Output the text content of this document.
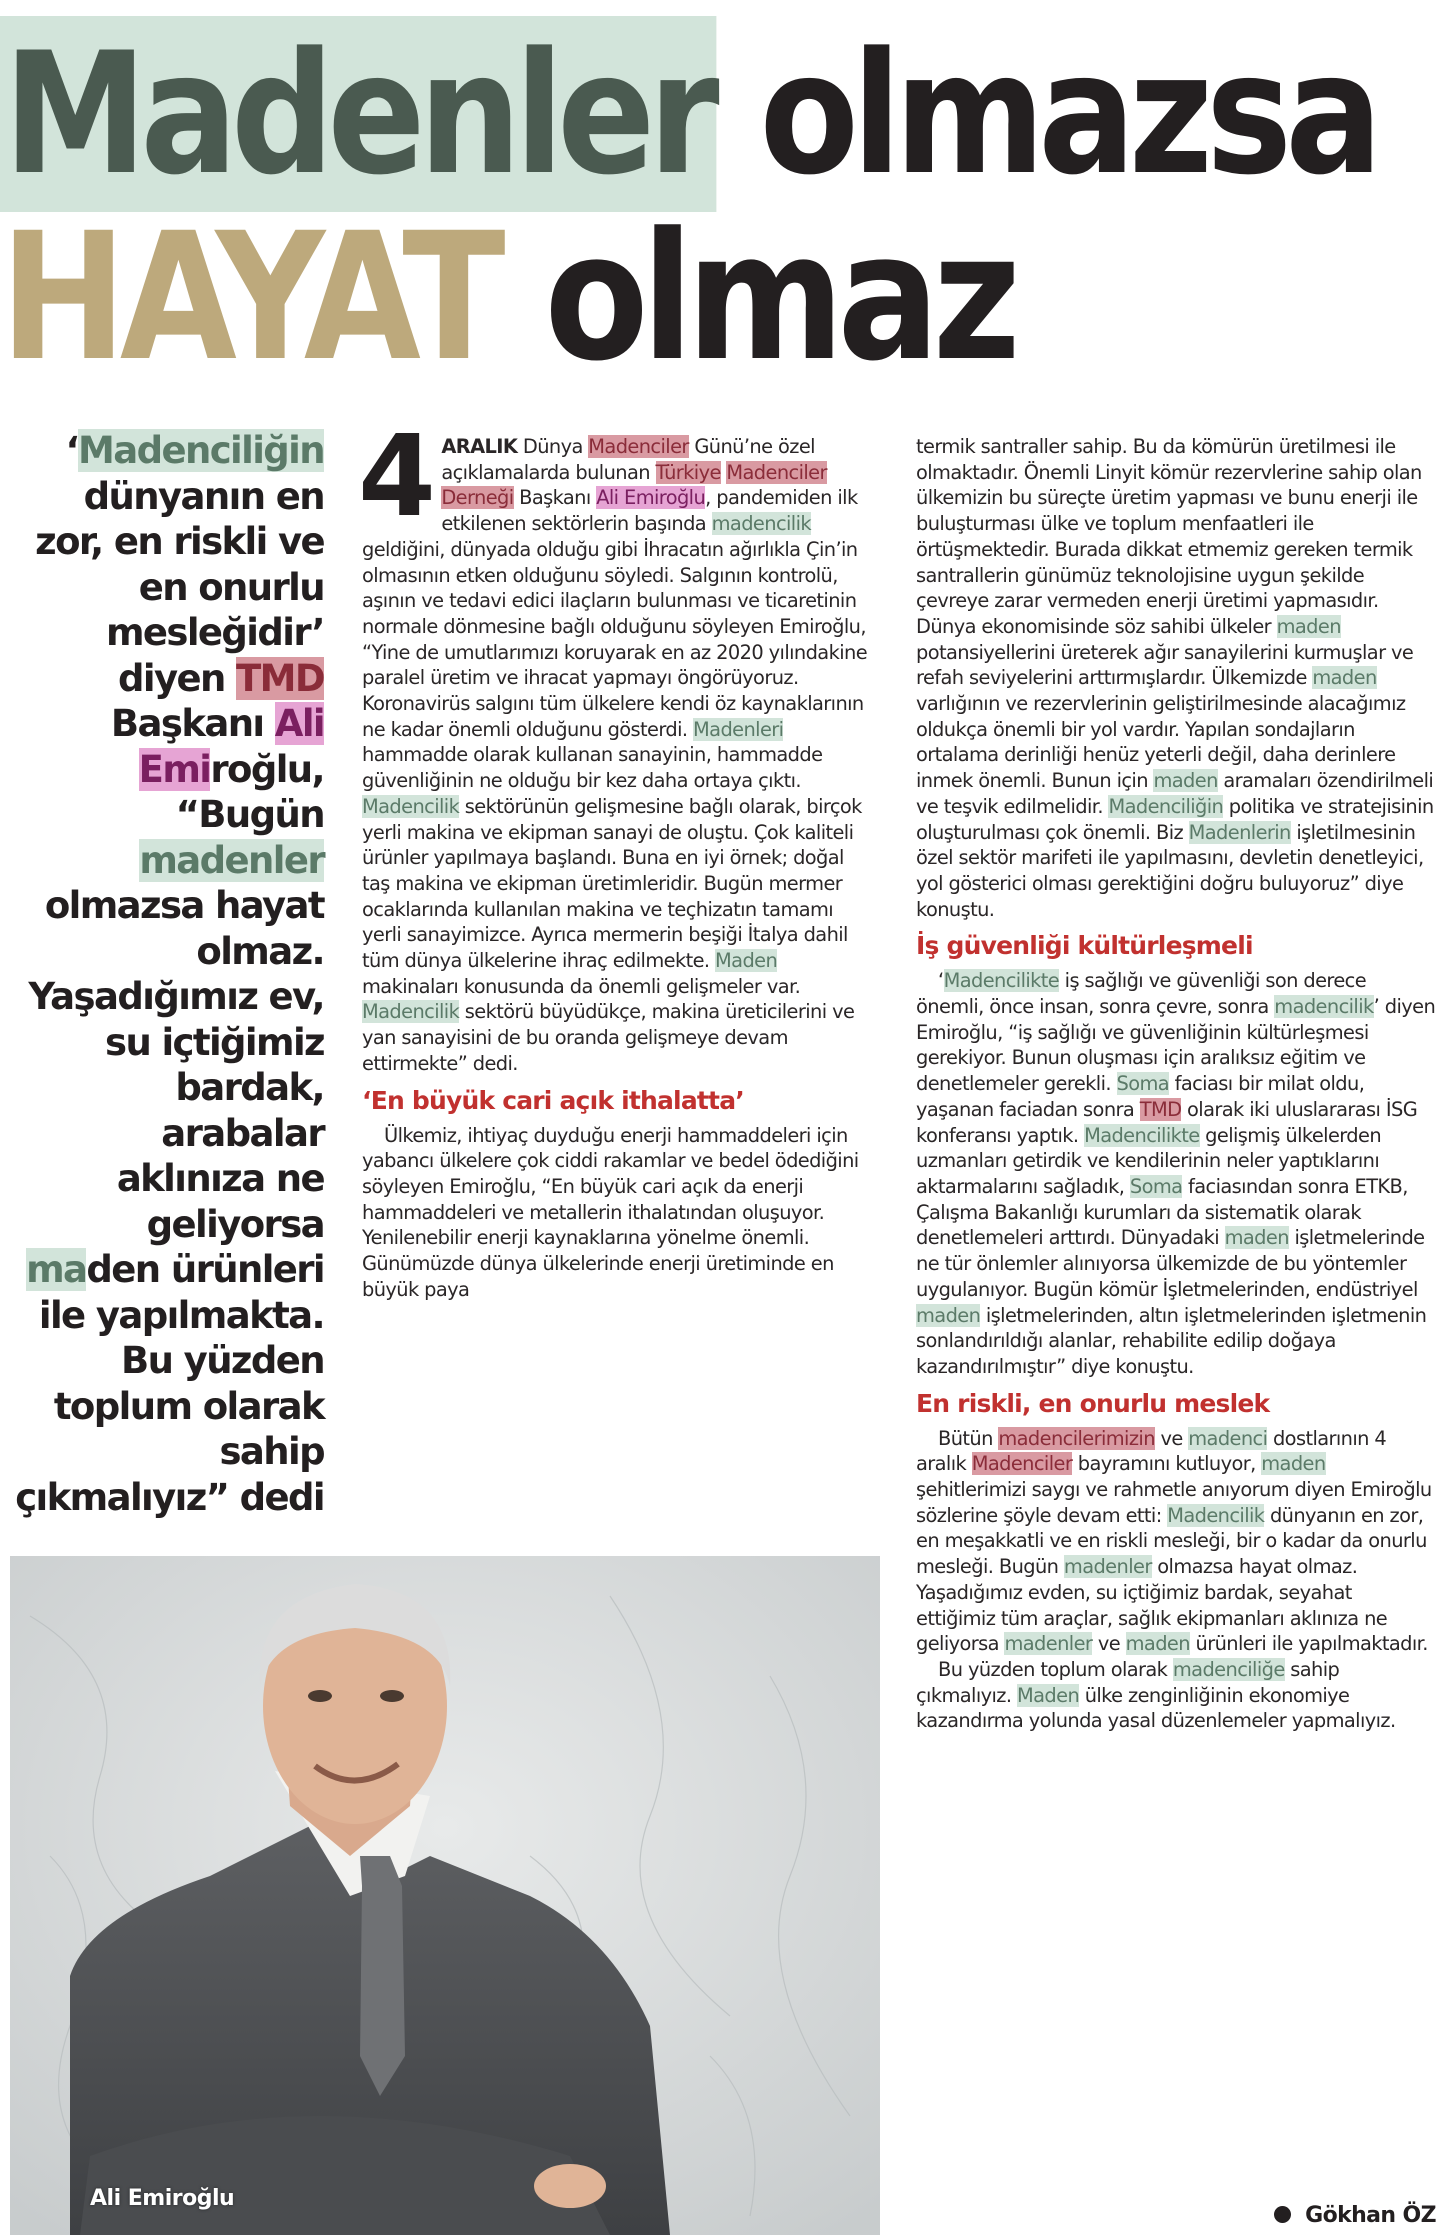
Madenler olmazsa
HAYAT olmaz
‘Madenciliğin dünyanın en zor, en riskli ve en onurlu mesleğidir’ diyen TMD Başkanı Ali Emiroğlu, “Bugün madenler olmazsa hayat olmaz. Yaşadığımız ev, su içtiğimiz bardak, arabalar aklınıza ne geliyorsa maden ürünleri ile yapılmakta. Bu yüzden toplum olarak sahip çıkmalıyız” dedi

4 ARALIK Dünya Madenciler Günü’ne özel açıklamalarda bulunan Türkiye Madenciler Derneği Başkanı Ali Emiroğlu, pandemiden ilk etkilenen sektörlerin başında madencilik geldiğini, dünyada olduğu gibi İhracatın ağırlıkla Çin’in olmasının etken olduğunu söyledi. Salgının kontrolü, aşının ve tedavi edici ilaçların bulunması ve ticaretinin normale dönmesine bağlı olduğunu söyleyen Emiroğlu, “Yine de umutlarımızı koruyarak en az 2020 yılındakine paralel üretim ve ihracat yapmayı öngörüyoruz. Koronavirüs salgını tüm ülkelere kendi öz kaynaklarının ne kadar önemli olduğunu gösterdi. Madenleri hammadde olarak kullanan sanayinin, hammadde güvenliğinin ne olduğu bir kez daha ortaya çıktı. Madencilik sektörünün gelişmesine bağlı olarak, birçok yerli makina ve ekipman sanayi de oluştu. Çok kaliteli ürünler yapılmaya başlandı. Buna en iyi örnek; doğal taş makina ve ekipman üretimleridir. Bugün mermer ocaklarında kullanılan makina ve teçhizatın tamamı yerli sanayimizce. Ayrıca mermerin beşiği İtalya dahil tüm dünya ülkelerine ihraç edilmekte. Maden makinaları konusunda da önemli gelişmeler var. Madencilik sektörü büyüdükçe, makina üreticilerini ve yan sanayisini de bu oranda gelişmeye devam ettirmekte” dedi.

‘En büyük cari açık ithalatta’

Ülkemiz, ihtiyaç duyduğu enerji hammaddeleri için yabancı ülkelere çok ciddi rakamlar ve bedel ödediğini söyleyen Emiroğlu, “En büyük cari açık da enerji hammaddeleri ve metallerin ithalatından oluşuyor. Yenilenebilir enerji kaynaklarına yönelme önemli. Günümüzde dünya ülkelerinde enerji üretiminde en büyük paya

termik santraller sahip. Bu da kömürün üretilmesi ile olmaktadır. Önemli Linyit kömür rezervlerine sahip olan ülkemizin bu süreçte üretim yapması ve bunu enerji ile buluşturması ülke ve toplum menfaatleri ile örtüşmektedir. Burada dikkat etmemiz gereken termik santrallerin günümüz teknolojisine uygun şekilde çevreye zarar vermeden enerji üretimi yapmasıdır. Dünya ekonomisinde söz sahibi ülkeler maden potansiyellerini üreterek ağır sanayilerini kurmuşlar ve refah seviyelerini arttırmışlardır. Ülkemizde maden varlığının ve rezervlerinin geliştirilmesinde alacağımız oldukça önemli bir yol vardır. Yapılan sondajların ortalama derinliği henüz yeterli değil, daha derinlere inmek önemli. Bunun için maden aramaları özendirilmeli ve teşvik edilmelidir. Madenciliğin politika ve stratejisinin oluşturulması çok önemli. Biz Madenlerin işletilmesinin özel sektör marifeti ile yapılmasını, devletin denetleyici, yol gösterici olması gerektiğini doğru buluyoruz” diye konuştu.

İş güvenliği kültürleşmeli

‘Madencilikte iş sağlığı ve güvenliği son derece önemli, önce insan, sonra çevre, sonra madencilik’ diyen Emiroğlu, “iş sağlığı ve güvenliğinin kültürleşmesi gerekiyor. Bunun oluşması için aralıksız eğitim ve denetlemeler gerekli. Soma faciası bir milat oldu, yaşanan faciadan sonra TMD olarak iki uluslararası İSG konferansı yaptık. Madencilikte gelişmiş ülkelerden uzmanları getirdik ve kendilerinin neler yaptıklarını aktarmalarını sağladık, Soma faciasından sonra ETKB, Çalışma Bakanlığı kurumları da sistematik olarak denetlemeleri arttırdı. Dünyadaki maden işletmelerinde ne tür önlemler alınıyorsa ülkemizde de bu yöntemler uygulanıyor. Bugün kömür İşletmelerinden, endüstriyel maden işletmelerinden, altın işletmelerinden işletmenin sonlandırıldığı alanlar, rehabilite edilip doğaya kazandırılmıştır” diye konuştu.

En riskli, en onurlu meslek

Bütün madencilerimizin ve madenci dostlarının 4 aralık Madenciler bayramını kutluyor, maden şehitlerimizi saygı ve rahmetle anıyorum diyen Emiroğlu sözlerine şöyle devam etti: Madencilik dünyanın en zor, en meşakkatli ve en riskli mesleği, bir o kadar da onurlu mesleği. Bugün madenler olmazsa hayat olmaz. Yaşadığımız evden, su içtiğimiz bardak, seyahat ettiğimiz tüm araçlar, sağlık ekipmanları aklınıza ne geliyorsa madenler ve maden ürünleri ile yapılmaktadır.

Bu yüzden toplum olarak madenciliğe sahip çıkmalıyız. Maden ülke zenginliğinin ekonomiye kazandırma yolunda yasal düzenlemeler yapmalıyız.

Ali Emiroğlu
Gökhan ÖZ
